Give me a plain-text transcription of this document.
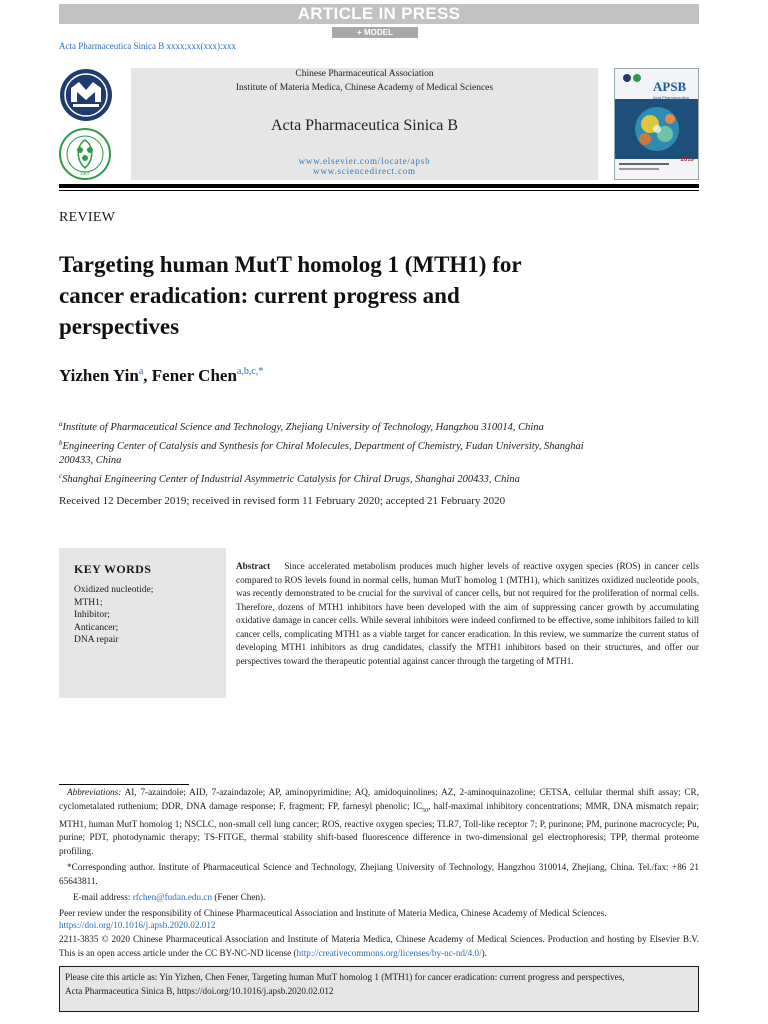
ARTICLE IN PRESS
+ MODEL
Acta Pharmaceutica Sinica B xxxx;xxx(xxx):xxx
1907
Chinese Pharmaceutical Association
Institute of Materia Medica, Chinese Academy of Medical Sciences
Acta Pharmaceutica Sinica B
www.elsevier.com/locate/apsb
www.sciencedirect.com
APSB
Acta Pharmaceutica Sinica B
2019
REVIEW
Targeting human MutT homolog 1 (MTH1) for
cancer eradication: current progress and
perspectives
Yizhen Yin$^a$, Fener Chen$^{a,b,c,*}$
$^a$Institute of Pharmaceutical Science and Technology, Zhejiang University of Technology, Hangzhou 310014, China
$^b$Engineering Center of Catalysis and Synthesis for Chiral Molecules, Department of Chemistry, Fudan University, Shanghai 200433, China
$^c$Shanghai Engineering Center of Industrial Asymmetric Catalysis for Chiral Drugs, Shanghai 200433, China
Received 12 December 2019; received in revised form 11 February 2020; accepted 21 February 2020
KEY WORDS
Oxidized nucleotide;
MTH1;
Inhibitor;
Anticancer;
DNA repair
Abstract Since accelerated metabolism produces much higher levels of reactive oxygen species (ROS) in cancer cells compared to ROS levels found in normal cells, human MutT homolog 1 (MTH1), which sanitizes oxidized nucleotide pools, was recently demonstrated to be crucial for the survival of cancer cells, but not required for the proliferation of normal cells. Therefore, dozens of MTH1 inhibitors have been developed with the aim of suppressing cancer growth by accumulating oxidative damage in cancer cells. While several inhibitors were indeed confirmed to be effective, some inhibitors failed to kill cancer cells, complicating MTH1 as a viable target for cancer eradication. In this review, we summarize the current status of developing MTH1 inhibitors as drug candidates, classify the MTH1 inhibitors based on their structures, and offer our perspectives toward the therapeutic potential against cancer through the targeting of MTH1.

Abbreviations: AI, 7-azaindole; AID, 7-azaindazole; AP, aminopyrimidine; AQ, amidoquinolines; AZ, 2-aminoquinazoline; CETSA, cellular thermal shift assay; CR, cyclometalated ruthenium; DDR, DNA damage response; F, fragment; FP, farnesyl phenolic; $IC_{50}$, half-maximal inhibitory concentrations; MMR, DNA mismatch repair; MTH1, human MutT homolog 1; NSCLC, non-small cell lung cancer; ROS, reactive oxygen species; TLR7, Toll-like receptor 7; P, purinone; PM, purinone macrocycle; Pu, purine; PDT, photodynamic therapy; TS-FITGE, thermal stability shift-based fluorescence difference in two-dimensional gel electrophoresis; TPP, thermal proteome profiling.

*Corresponding author. Institute of Pharmaceutical Science and Technology, Zhejiang University of Technology, Hangzhou 310014, Zhejiang, China. Tel./fax: +86 21 65643811.

E-mail address: rfchen@fudan.edu.cn (Fener Chen).

Peer review under the responsibility of Chinese Pharmaceutical Association and Institute of Materia Medica, Chinese Academy of Medical Sciences.

https://doi.org/10.1016/j.apsb.2020.02.012
2211-3835 © 2020 Chinese Pharmaceutical Association and Institute of Materia Medica, Chinese Academy of Medical Sciences. Production and hosting by Elsevier B.V. This is an open access article under the CC BY-NC-ND license (http://creativecommons.org/licenses/by-nc-nd/4.0/).
Please cite this article as: Yin Yizhen, Chen Fener, Targeting human MutT homolog 1 (MTH1) for cancer eradication: current progress and perspectives,
Acta Pharmaceutica Sinica B, https://doi.org/10.1016/j.apsb.2020.02.012
